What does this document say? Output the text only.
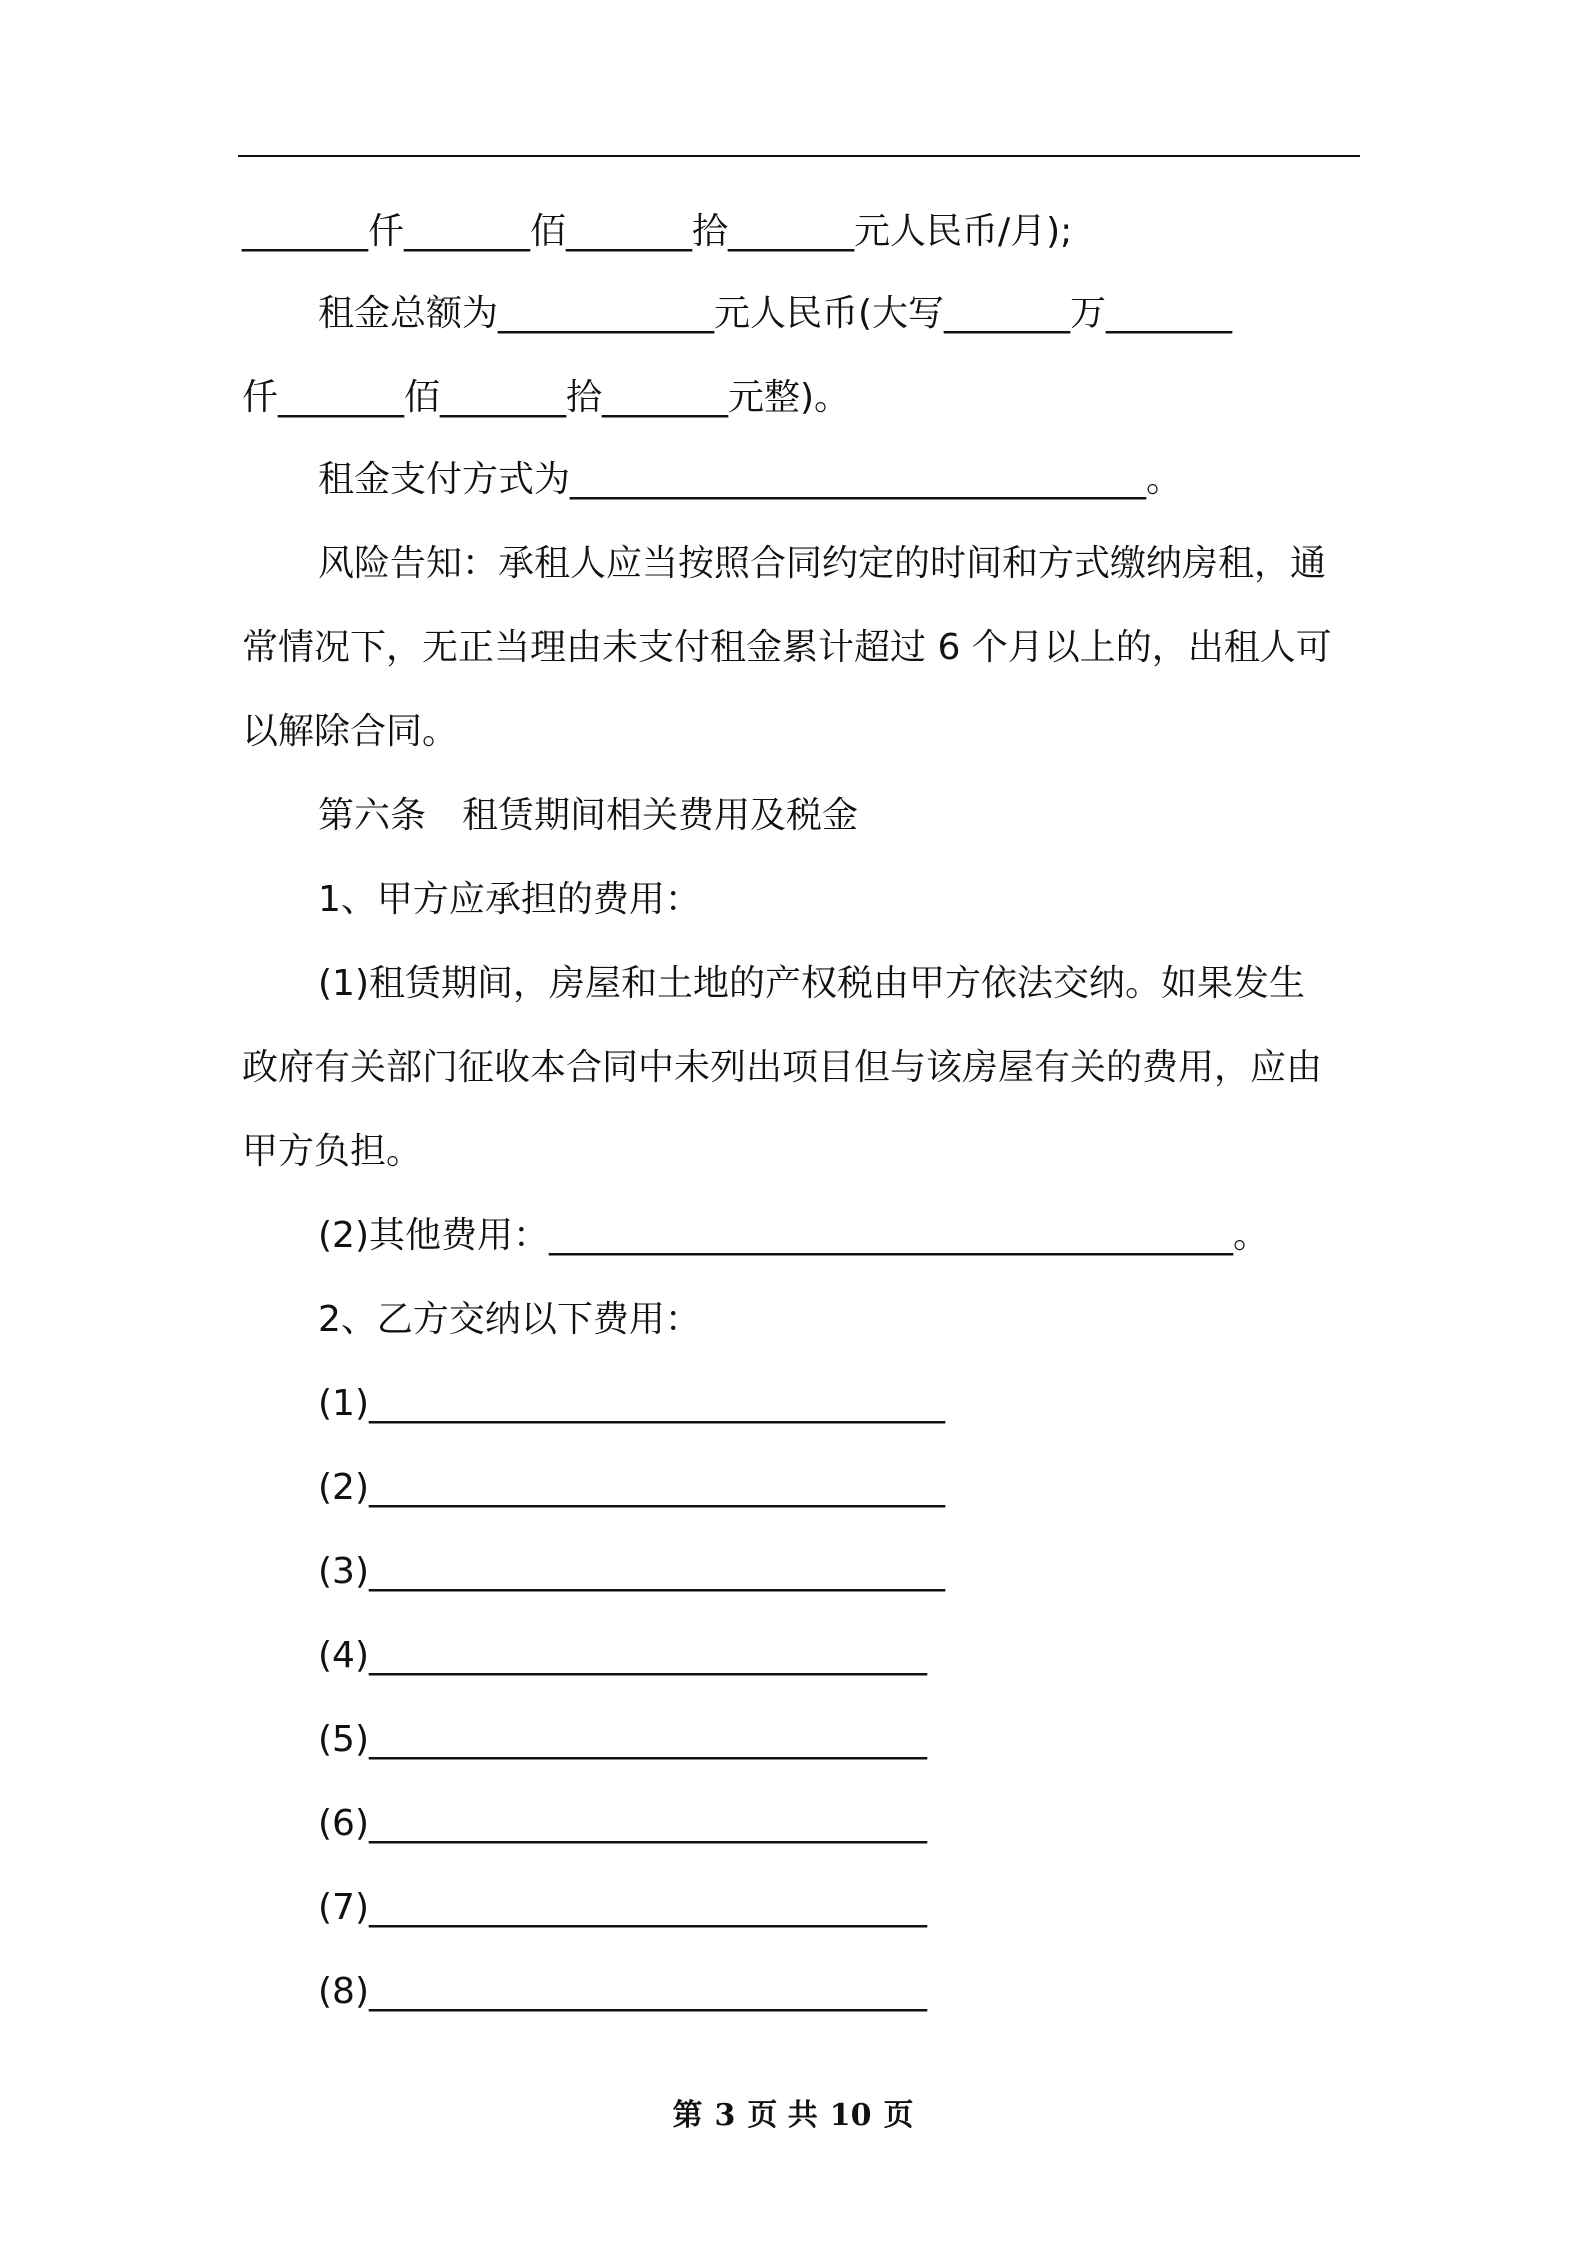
_______仟_______佰_______拾_______元人民币/月);
租金总额为____________元人民币(大写_______万_______
仟_______佰_______拾_______元整)。
租金支付方式为________________________________。
风险告知：承租人应当按照合同约定的时间和方式缴纳房租，通
常情况下，无正当理由未支付租金累计超过 6 个月以上的，出租人可
以解除合同。
第六条　租赁期间相关费用及税金
1、甲方应承担的费用：
(1)租赁期间，房屋和土地的产权税由甲方依法交纳。如果发生
政府有关部门征收本合同中未列出项目但与该房屋有关的费用，应由
甲方负担。
(2)其他费用：______________________________________。
2、乙方交纳以下费用：
(1)________________________________
(2)________________________________
(3)________________________________
(4)_______________________________
(5)_______________________________
(6)_______________________________
(7)_______________________________
(8)_______________________________
第 3 页 共 10 页
